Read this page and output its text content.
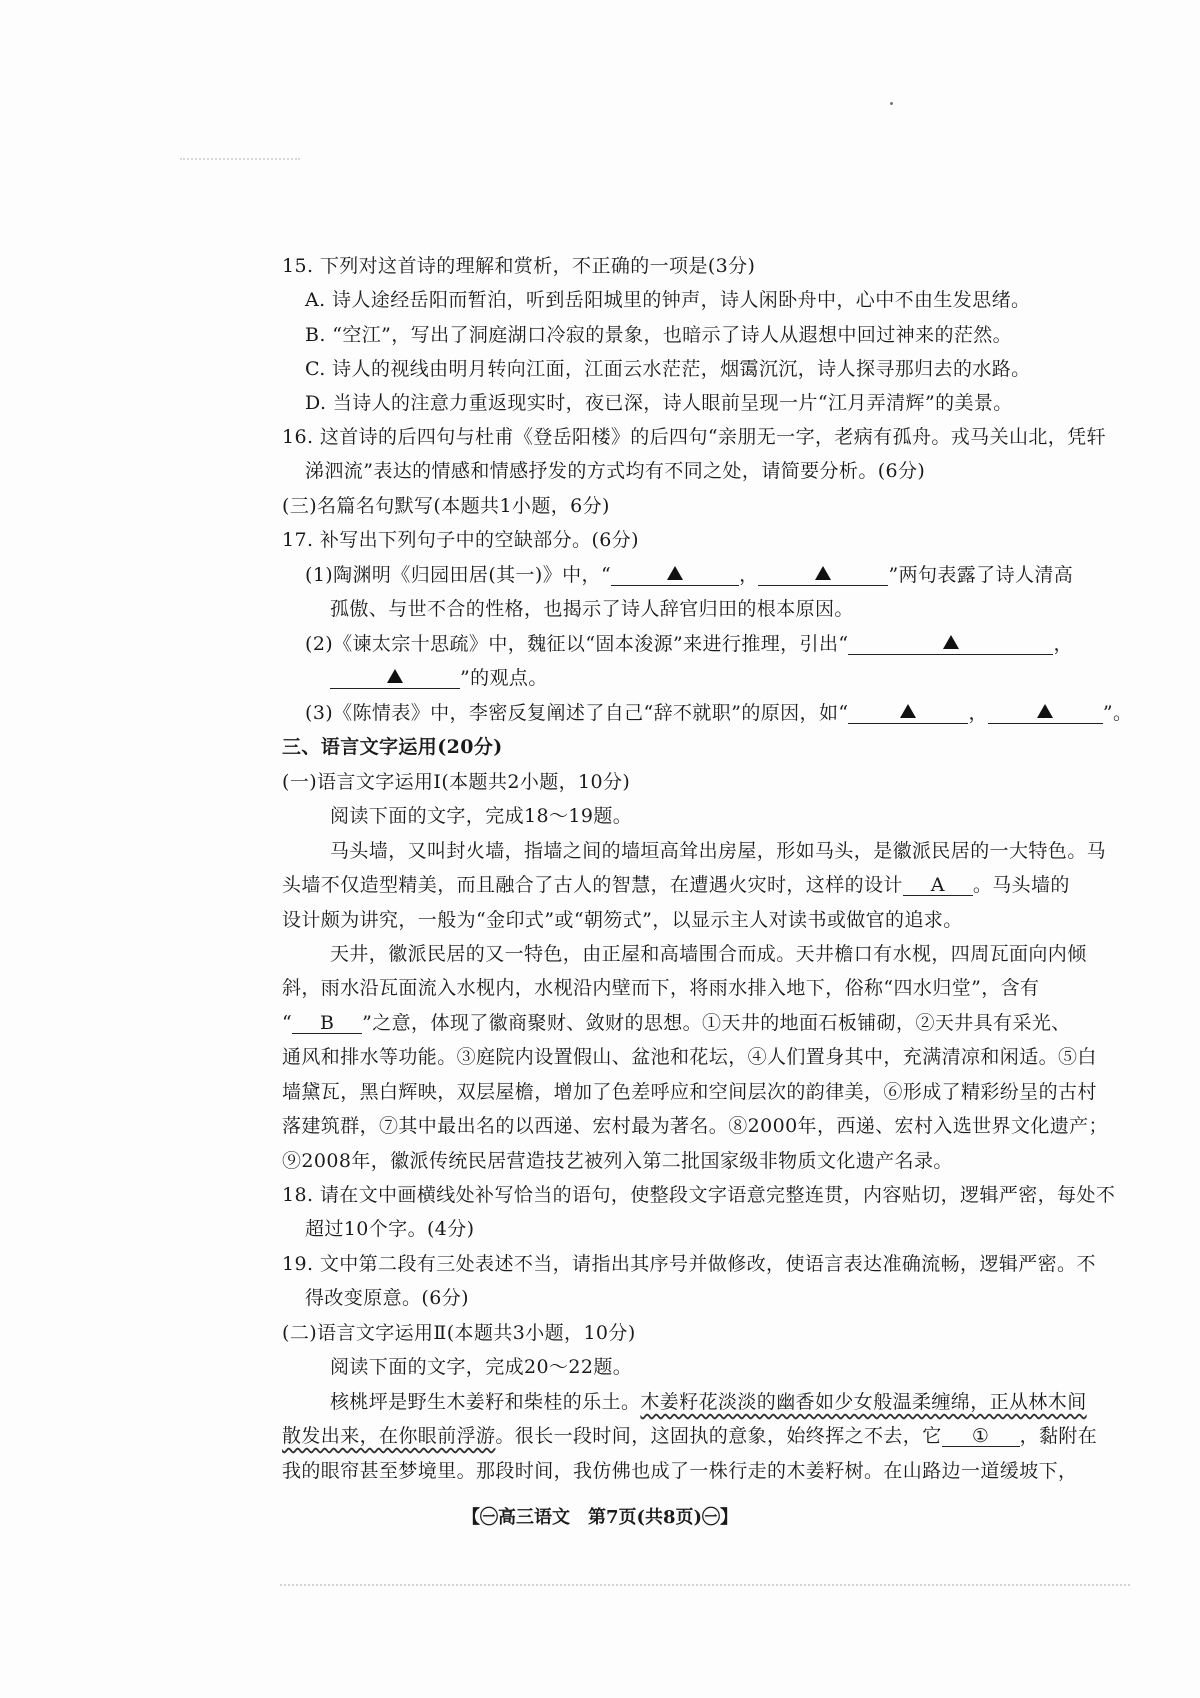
15. 下列对这首诗的理解和赏析，不正确的一项是(3分)
A. 诗人途经岳阳而暂泊，听到岳阳城里的钟声，诗人闲卧舟中，心中不由生发思绪。
B. “空江”，写出了洞庭湖口冷寂的景象，也暗示了诗人从遐想中回过神来的茫然。
C. 诗人的视线由明月转向江面，江面云水茫茫，烟霭沉沉，诗人探寻那归去的水路。
D. 当诗人的注意力重返现实时，夜已深，诗人眼前呈现一片“江月弄清辉”的美景。
16. 这首诗的后四句与杜甫《登岳阳楼》的后四句“亲朋无一字，老病有孤舟。戎马关山北，凭轩
涕泗流”表达的情感和情感抒发的方式均有不同之处，请简要分析。(6分)
(三)名篇名句默写(本题共1小题，6分)
17. 补写出下列句子中的空缺部分。(6分)
(1)陶渊明《归园田居(其一)》中，“	，	”两句表露了诗人清高
孤傲、与世不合的性格，也揭示了诗人辞官归田的根本原因。
(2)《谏太宗十思疏》中，魏征以“固本浚源”来进行推理，引出“	，
”的观点。
(3)《陈情表》中，李密反复阐述了自己“辞不就职”的原因，如“	，	”。
三、语言文字运用(20分)
(一)语言文字运用Ⅰ(本题共2小题，10分)
阅读下面的文字，完成18～19题。
马头墙，又叫封火墙，指墙之间的墙垣高耸出房屋，形如马头，是徽派民居的一大特色。马
头墙不仅造型精美，而且融合了古人的智慧，在遭遇火灾时，这样的设计 A 。马头墙的
设计颇为讲究，一般为“金印式”或“朝笏式”，以显示主人对读书或做官的追求。
天井，徽派民居的又一特色，由正屋和高墙围合而成。天井檐口有水枧，四周瓦面向内倾
斜，雨水沿瓦面流入水枧内，水枧沿内壁而下，将雨水排入地下，俗称“四水归堂”，含有
“ B ”之意，体现了徽商聚财、敛财的思想。①天井的地面石板铺砌，②天井具有采光、
通风和排水等功能。③庭院内设置假山、盆池和花坛，④人们置身其中，充满清凉和闲适。⑤白
墙黛瓦，黑白辉映，双层屋檐，增加了色差呼应和空间层次的韵律美，⑥形成了精彩纷呈的古村
落建筑群，⑦其中最出名的以西递、宏村最为著名。⑧2000年，西递、宏村入选世界文化遗产；
⑨2008年，徽派传统民居营造技艺被列入第二批国家级非物质文化遗产名录。
18. 请在文中画横线处补写恰当的语句，使整段文字语意完整连贯，内容贴切，逻辑严密，每处不
超过10个字。(4分)
19. 文中第二段有三处表述不当，请指出其序号并做修改，使语言表达准确流畅，逻辑严密。不
得改变原意。(6分)
(二)语言文字运用Ⅱ(本题共3小题，10分)
阅读下面的文字，完成20～22题。
核桃坪是野生木姜籽和柴桂的乐土。木姜籽花淡淡的幽香如少女般温柔缠绵，正从林木间
散发出来，在你眼前浮游。很长一段时间，这固执的意象，始终挥之不去，它 ① ，黏附在
我的眼帘甚至梦境里。那段时间，我仿佛也成了一株行走的木姜籽树。在山路边一道缓坡下，
【㊀高三语文　第7页(共8页)㊀】
